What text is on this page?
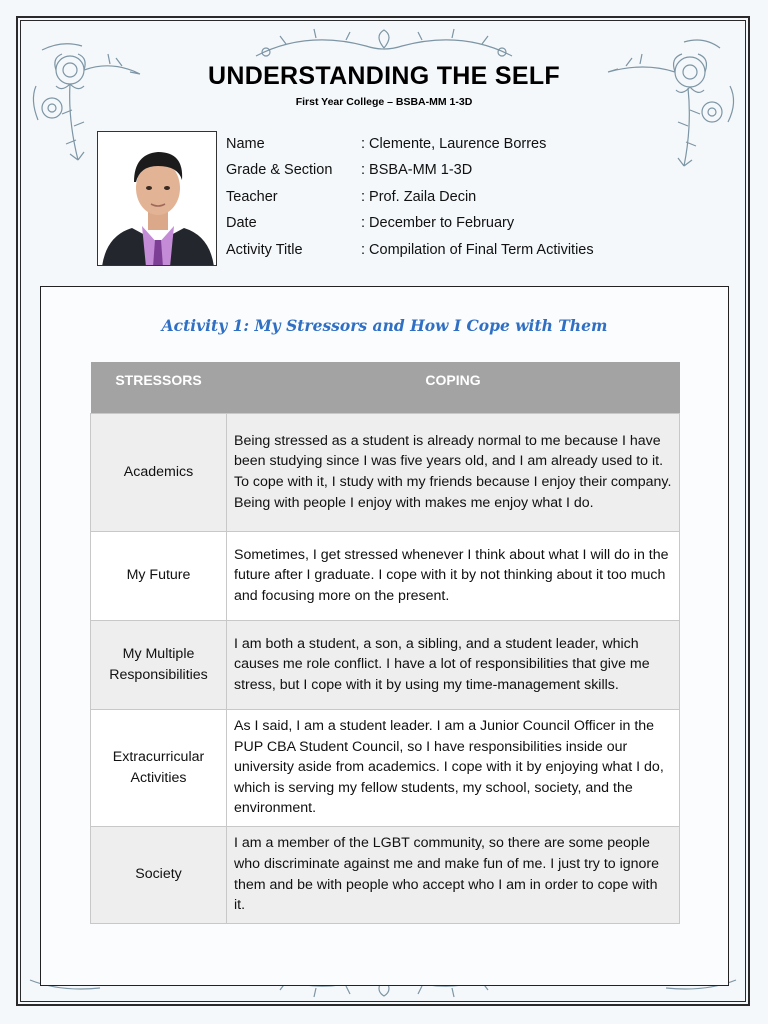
UNDERSTANDING THE SELF
First Year College – BSBA-MM 1-3D
Name	: Clemente, Laurence Borres
Grade & Section	: BSBA-MM 1-3D
Teacher	: Prof. Zaila Decin
Date	: December to February
Activity Title	: Compilation of Final Term Activities
Activity 1: My Stressors and How I Cope with Them
STRESSORS	COPING
Academics	Being stressed as a student is already normal to me because I have been studying since I was five years old, and I am already used to it. To cope with it, I study with my friends because I enjoy their company. Being with people I enjoy with makes me enjoy what I do.
My Future	Sometimes, I get stressed whenever I think about what I will do in the future after I graduate. I cope with it by not thinking about it too much and focusing more on the present.
My Multiple Responsibilities	I am both a student, a son, a sibling, and a student leader, which causes me role conflict. I have a lot of responsibilities that give me stress, but I cope with it by using my time-management skills.
Extracurricular Activities	As I said, I am a student leader. I am a Junior Council Officer in the PUP CBA Student Council, so I have responsibilities inside our university aside from academics. I cope with it by enjoying what I do, which is serving my fellow students, my school, society, and the environment.
Society	I am a member of the LGBT community, so there are some people who discriminate against me and make fun of me. I just try to ignore them and be with people who accept who I am in order to cope with it.
